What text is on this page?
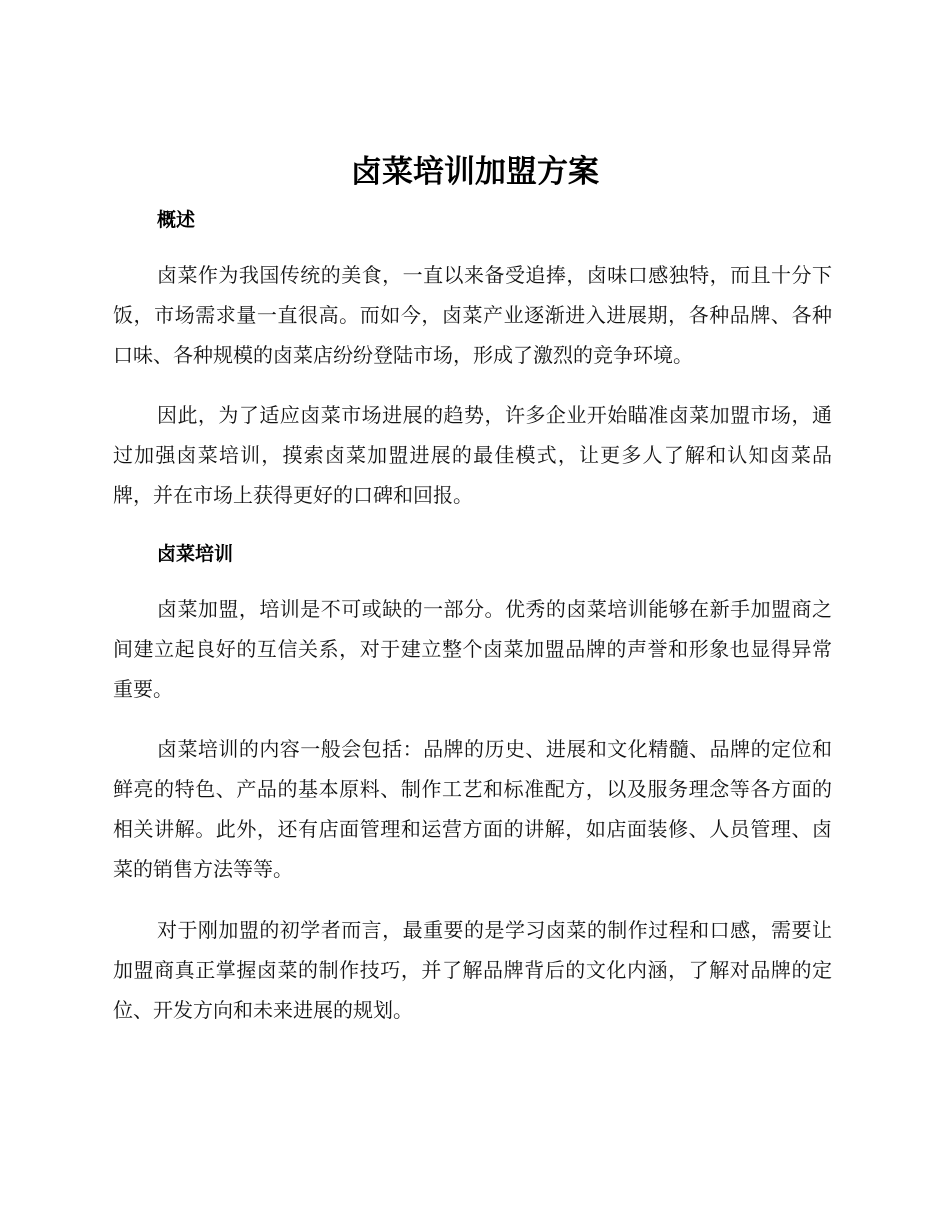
卤菜培训加盟方案
概述

卤菜作为我国传统的美食，一直以来备受追捧，卤味口感独特，而且十分下饭，市场需求量一直很高。而如今，卤菜产业逐渐进入进展期，各种品牌、各种口味、各种规模的卤菜店纷纷登陆市场，形成了激烈的竞争环境。

因此，为了适应卤菜市场进展的趋势，许多企业开始瞄准卤菜加盟市场，通过加强卤菜培训，摸索卤菜加盟进展的最佳模式，让更多人了解和认知卤菜品牌，并在市场上获得更好的口碑和回报。

卤菜培训

卤菜加盟，培训是不可或缺的一部分。优秀的卤菜培训能够在新手加盟商之间建立起良好的互信关系，对于建立整个卤菜加盟品牌的声誉和形象也显得异常重要。

卤菜培训的内容一般会包括：品牌的历史、进展和文化精髓、品牌的定位和鲜亮的特色、产品的基本原料、制作工艺和标准配方，以及服务理念等各方面的相关讲解。此外，还有店面管理和运营方面的讲解，如店面装修、人员管理、卤菜的销售方法等等。

对于刚加盟的初学者而言，最重要的是学习卤菜的制作过程和口感，需要让加盟商真正掌握卤菜的制作技巧，并了解品牌背后的文化内涵，了解对品牌的定位、开发方向和未来进展的规划。
